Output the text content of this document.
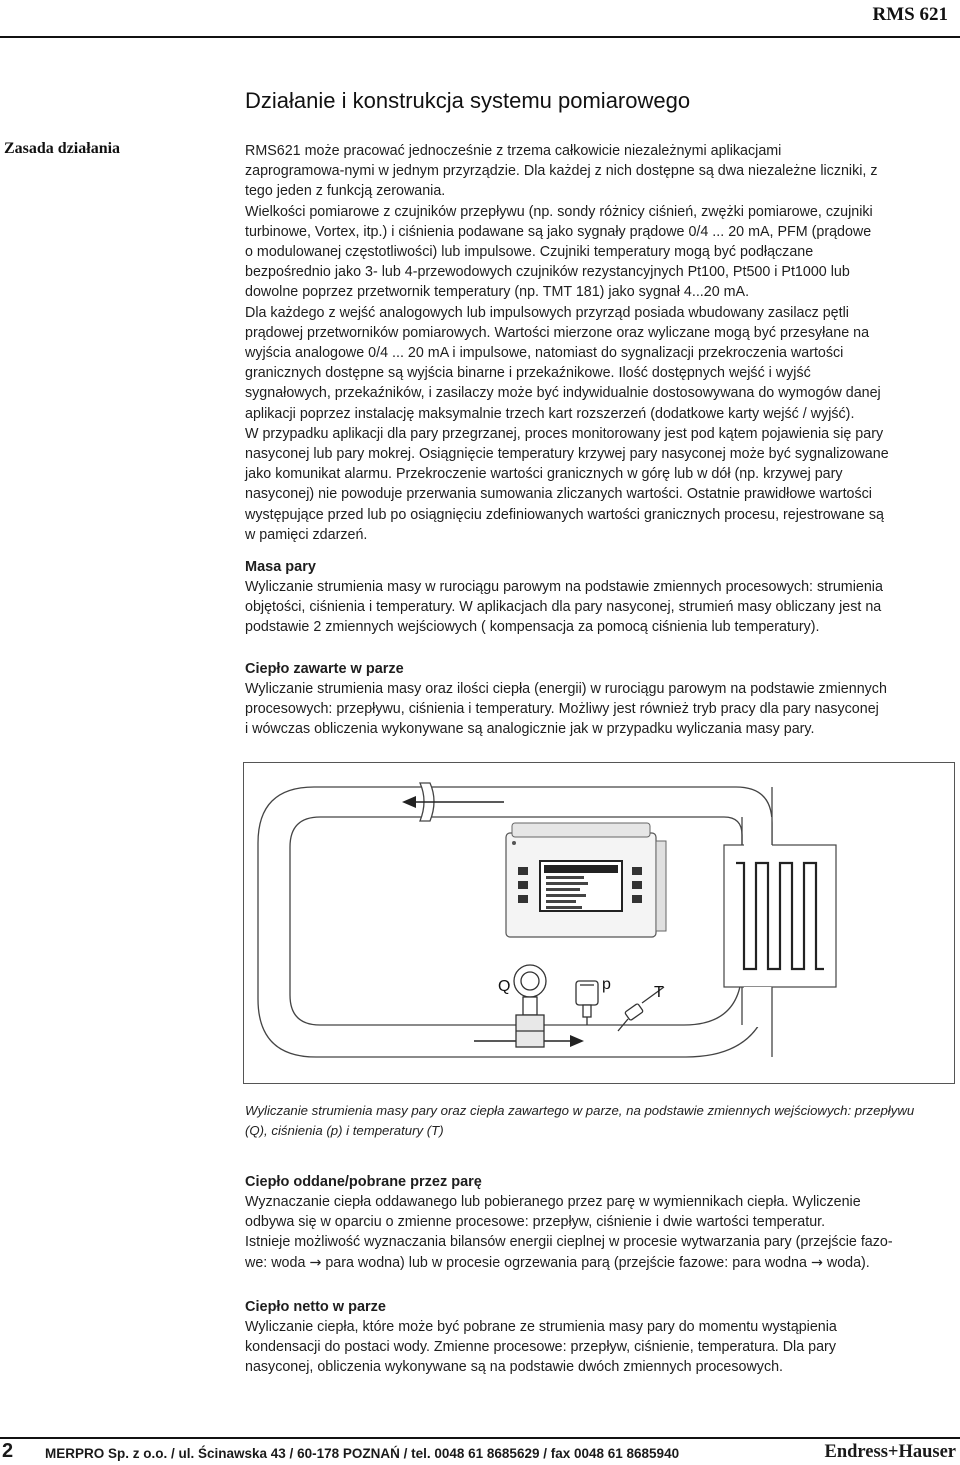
RMS 621
Działanie i konstrukcja systemu pomiarowego
Zasada działania	RMS621 może pracować jednocześnie z trzema całkowicie niezależnymi aplikacjami

zaprogramowa-nymi w jednym przyrządzie. Dla każdej z nich dostępne są dwa niezależne liczniki, z

tego jeden z funkcją zerowania.

Wielkości pomiarowe z czujników przepływu (np. sondy różnicy ciśnień, zwężki pomiarowe, czujniki

turbinowe, Vortex, itp.) i ciśnienia podawane są jako sygnały prądowe 0/4 ... 20 mA, PFM (prądowe

o modulowanej częstotliwości) lub impulsowe. Czujniki temperatury mogą być podłączane

bezpośrednio jako 3- lub 4-przewodowych czujników rezystancyjnych Pt100, Pt500 i Pt1000 lub

dowolne poprzez przetwornik temperatury (np. TMT 181) jako sygnał 4...20 mA.

Dla każdego z wejść analogowych lub impulsowych przyrząd posiada wbudowany zasilacz pętli

prądowej przetworników pomiarowych. Wartości mierzone oraz wyliczane mogą być przesyłane na

wyjścia analogowe 0/4 ... 20 mA i impulsowe, natomiast do sygnalizacji przekroczenia wartości

granicznych dostępne są wyjścia binarne i przekaźnikowe. Ilość dostępnych wejść i wyjść

sygnałowych, przekaźników, i zasilaczy może być indywidualnie dostosowywana do wymogów danej

aplikacji poprzez instalację maksymalnie trzech kart rozszerzeń (dodatkowe karty wejść / wyjść).

W przypadku aplikacji dla pary przegrzanej, proces monitorowany jest pod kątem pojawienia się pary

nasyconej lub pary mokrej. Osiągnięcie temperatury krzywej pary nasyconej może być sygnalizowane

jako komunikat alarmu. Przekroczenie wartości granicznych w górę lub w dół (np. krzywej pary

nasyconej) nie powoduje przerwania sumowania zliczanych wartości. Ostatnie prawidłowe wartości

występujące przed lub po osiągnięciu zdefiniowanych wartości granicznych procesu, rejestrowane są

w pamięci zdarzeń.

Masa pary

Wyliczanie strumienia masy w rurociągu parowym na podstawie zmiennych procesowych: strumienia

objętości, ciśnienia i temperatury. W aplikacjach dla pary nasyconej, strumień masy obliczany jest na

podstawie 2 zmiennych wejściowych ( kompensacja za pomocą ciśnienia lub temperatury).

Ciepło zawarte w parze

Wyliczanie strumienia masy oraz ilości ciepła (energii) w rurociągu parowym na podstawie zmiennych

procesowych: przepływu, ciśnienia i temperatury. Możliwy jest również tryb pracy dla pary nasyconej

i wówczas obliczenia wykonywane są analogicznie jak w przypadku wyliczania masy pary.

Q	p	T
Wyliczanie strumienia masy pary oraz ciepła zawartego w parze, na podstawie zmiennych wejściowych: przepływu
(Q), ciśnienia (p) i temperatury (T)

Ciepło oddane/pobrane przez parę

Wyznaczanie ciepła oddawanego lub pobieranego przez parę w wymiennikach ciepła. Wyliczenie

odbywa się w oparciu o zmienne procesowe: przepływ, ciśnienie i dwie wartości temperatur.

Istnieje możliwość wyznaczania bilansów energii cieplnej w procesie wytwarzania pary (przejście fazo-

we: woda → para wodna) lub w procesie ogrzewania parą (przejście fazowe: para wodna → woda).

Ciepło netto w parze

Wyliczanie ciepła, które może być pobrane ze strumienia masy pary do momentu wystąpienia

kondensacji do postaci wody. Zmienne procesowe: przepływ, ciśnienie, temperatura. Dla pary

nasyconej, obliczenia wykonywane są na podstawie dwóch zmiennych procesowych.

2 MERPRO Sp. z o.o. / ul. Ścinawska 43 / 60-178 POZNAŃ / tel. 0048 61 8685629 / fax 0048 61 8685940	Endress+Hauser
